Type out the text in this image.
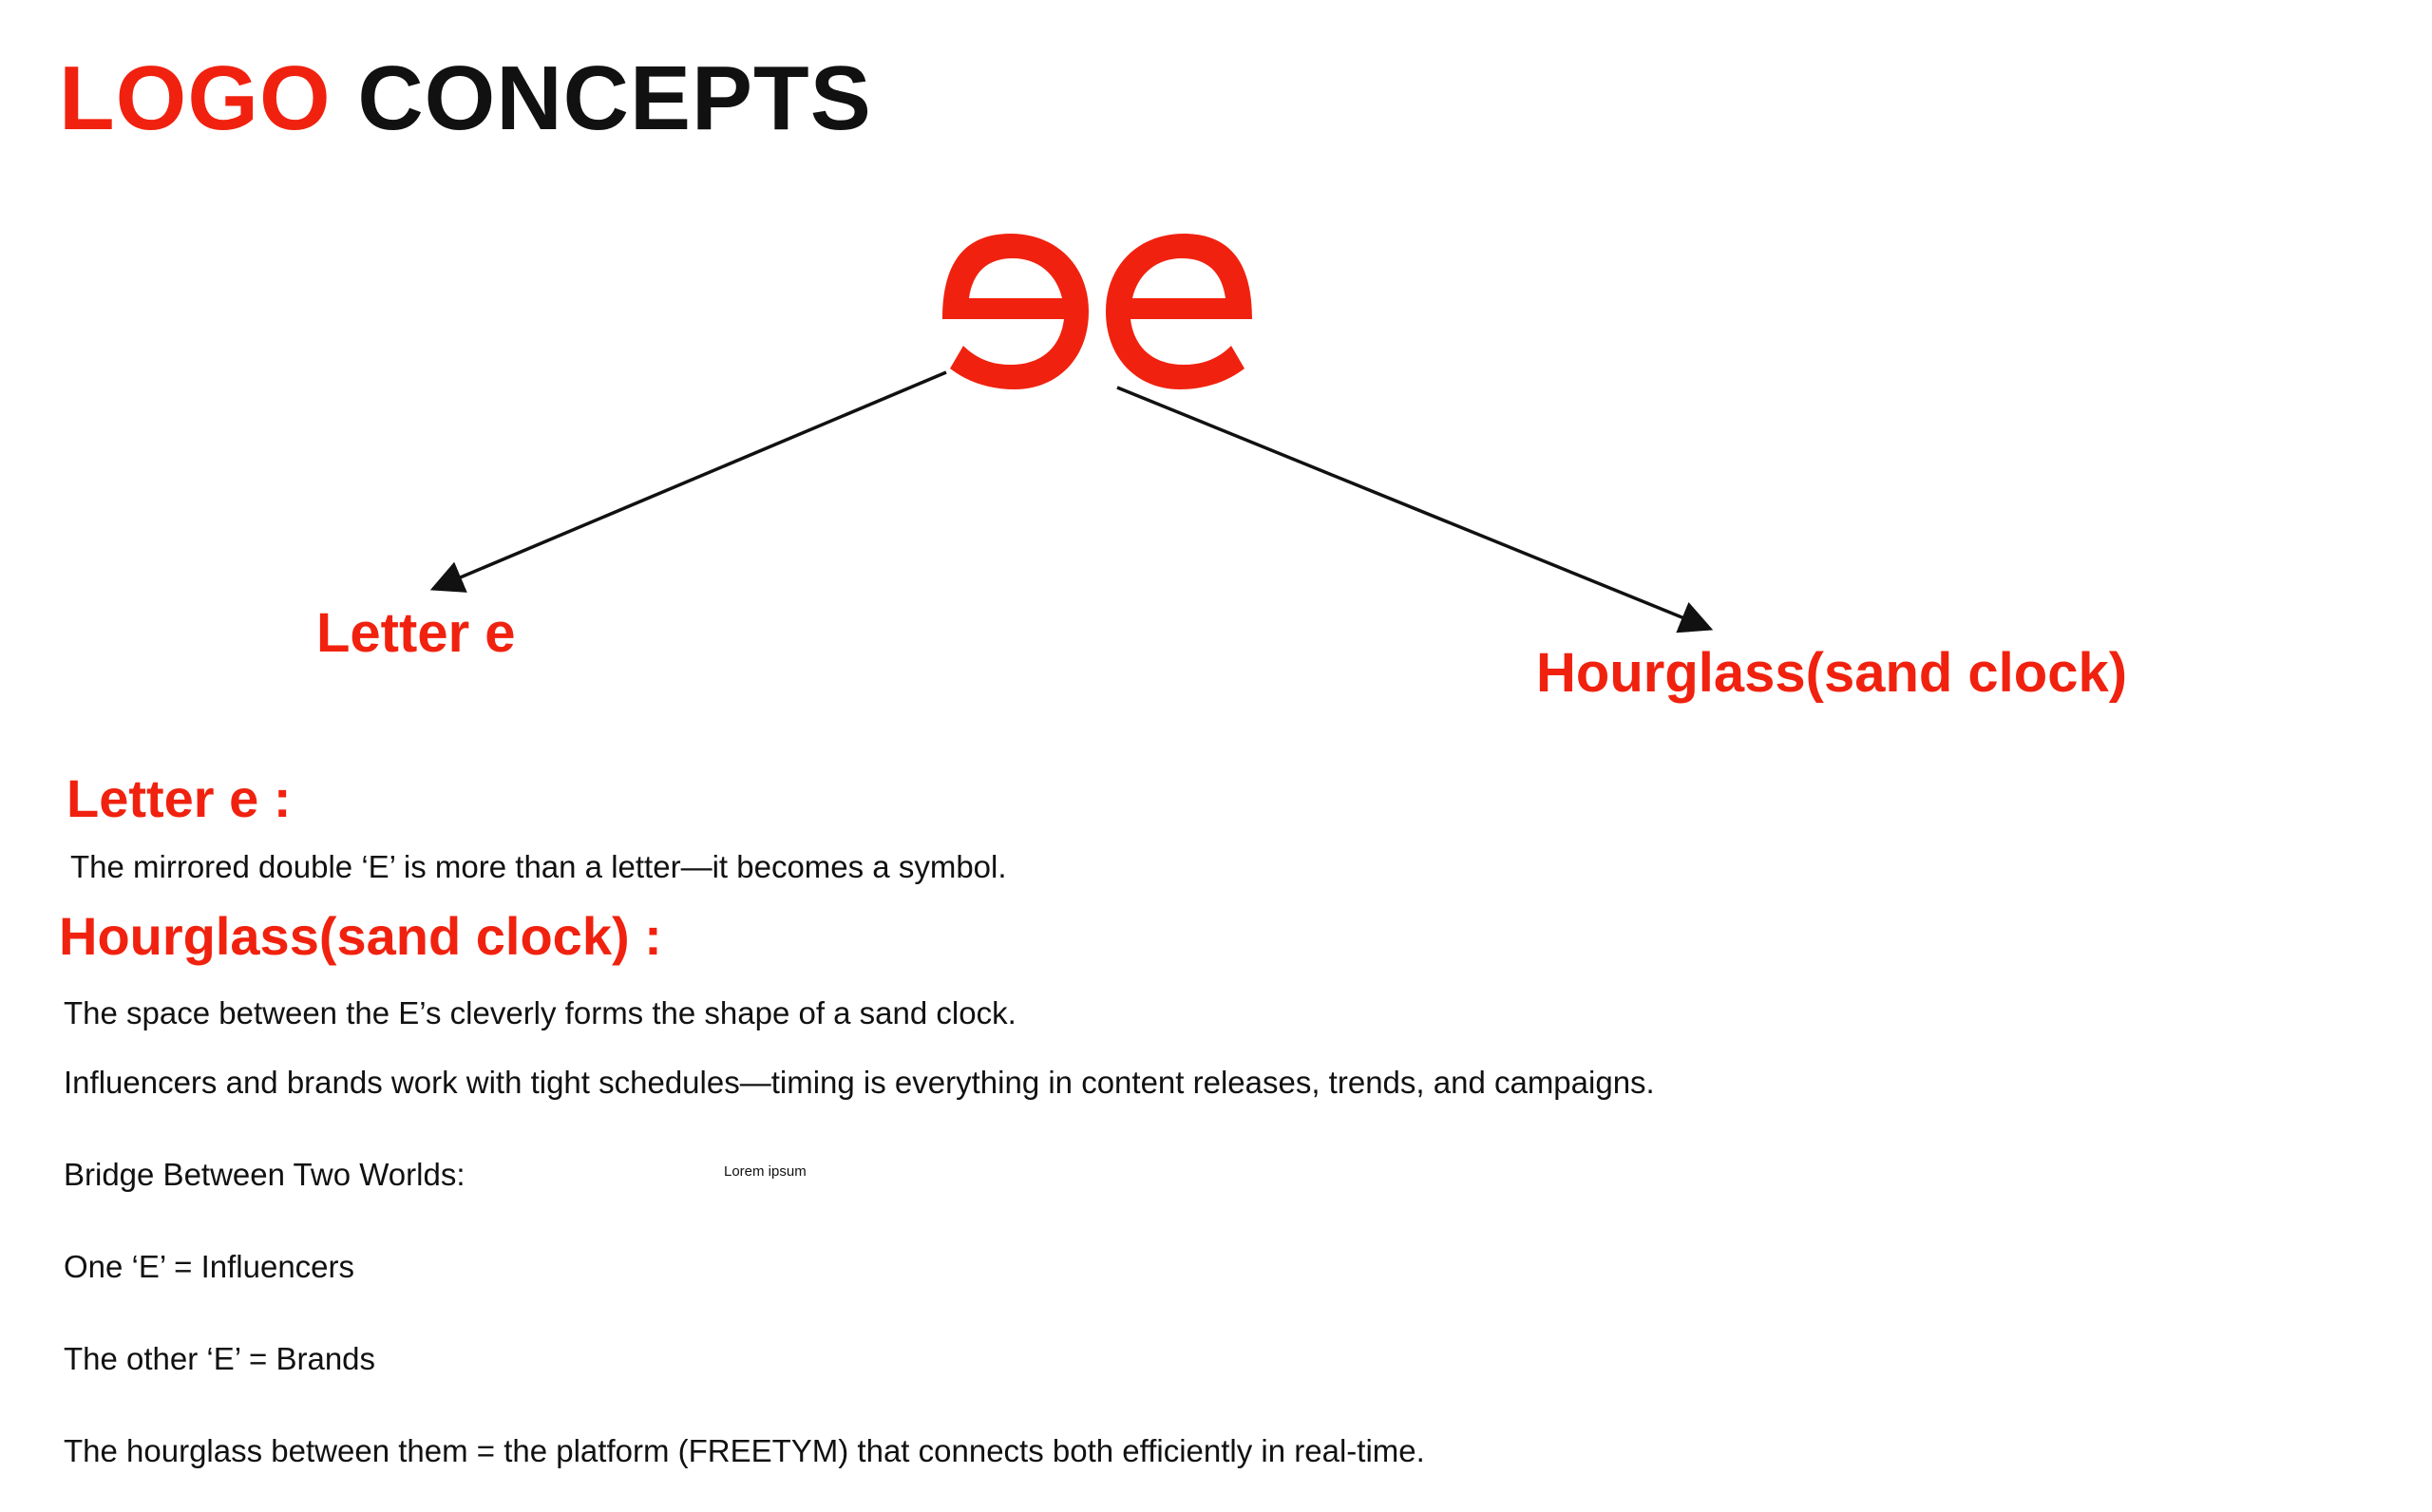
LOGO CONCEPTS
Letter e
Hourglass(sand clock)
Letter e :
The mirrored double ‘E’ is more than a letter—it becomes a symbol.
Hourglass(sand clock) :
The space between the E’s cleverly forms the shape of a sand clock.
Influencers and brands work with tight schedules—timing is everything in content releases, trends, and campaigns.
Bridge Between Two Worlds:	Lorem ipsum
One ‘E’ = Influencers
The other ‘E’ = Brands
The hourglass between them = the platform (FREETYM) that connects both efficiently in real-time.
